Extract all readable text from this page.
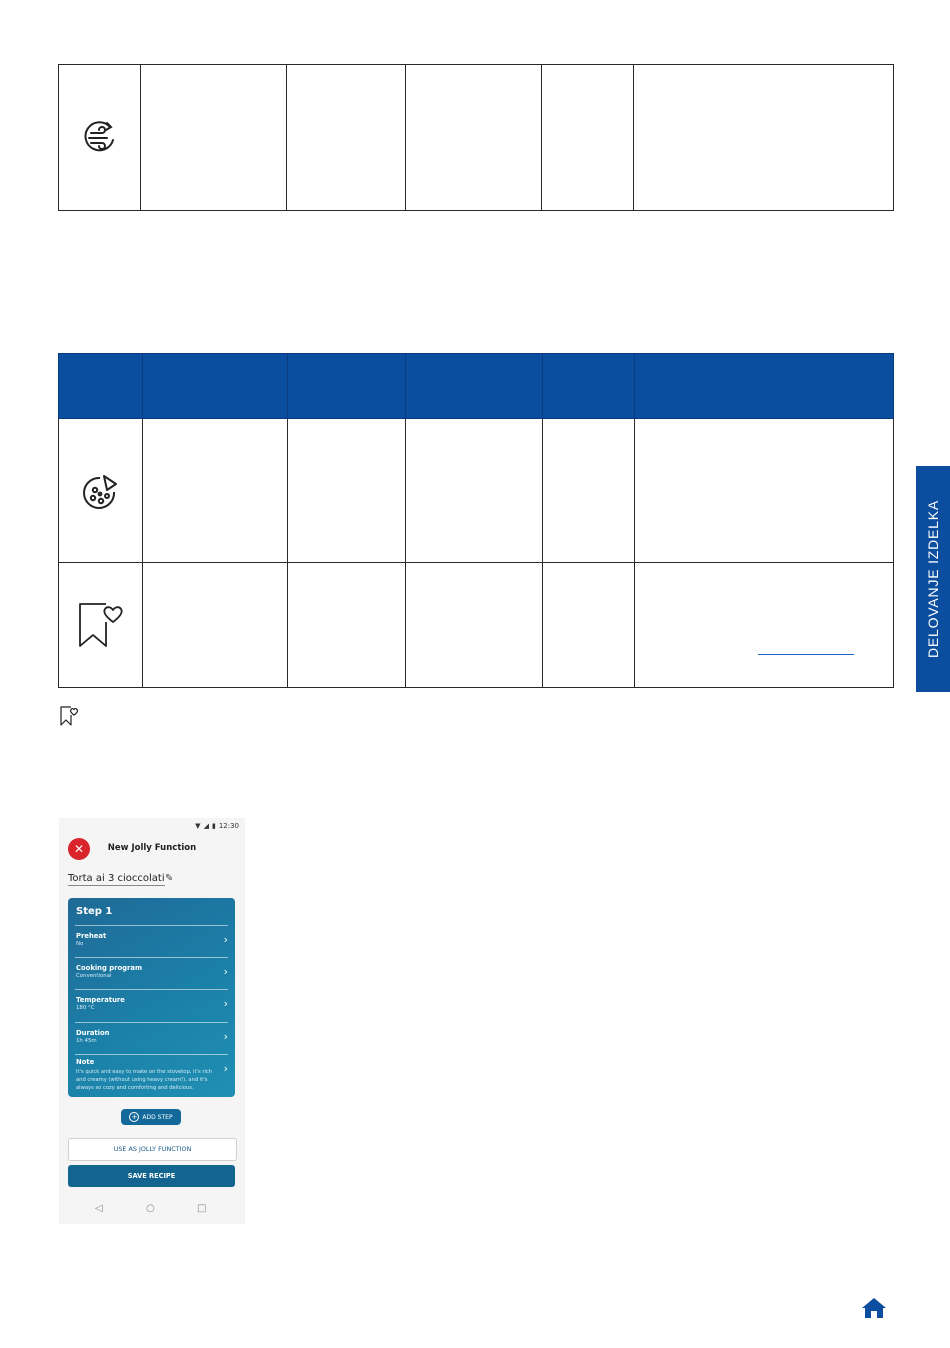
DELOVANJE IZDELKA
▼ ◢ ▮ 12:30
✕	New Jolly Function
Torta ai 3 cioccolati ✎
Step 1
Preheat
No	›
Cooking program
Conventional	›
Temperature
180 °C	›
Duration
1h 45m	›
Note
It's quick and easy to make on the stovetop, it's rich and creamy (without using heavy cream!), and it's always so cozy and comforting and delicious.
›
+ ADD STEP
USE AS JOLLY FUNCTION
SAVE RECIPE
◁	○	□
